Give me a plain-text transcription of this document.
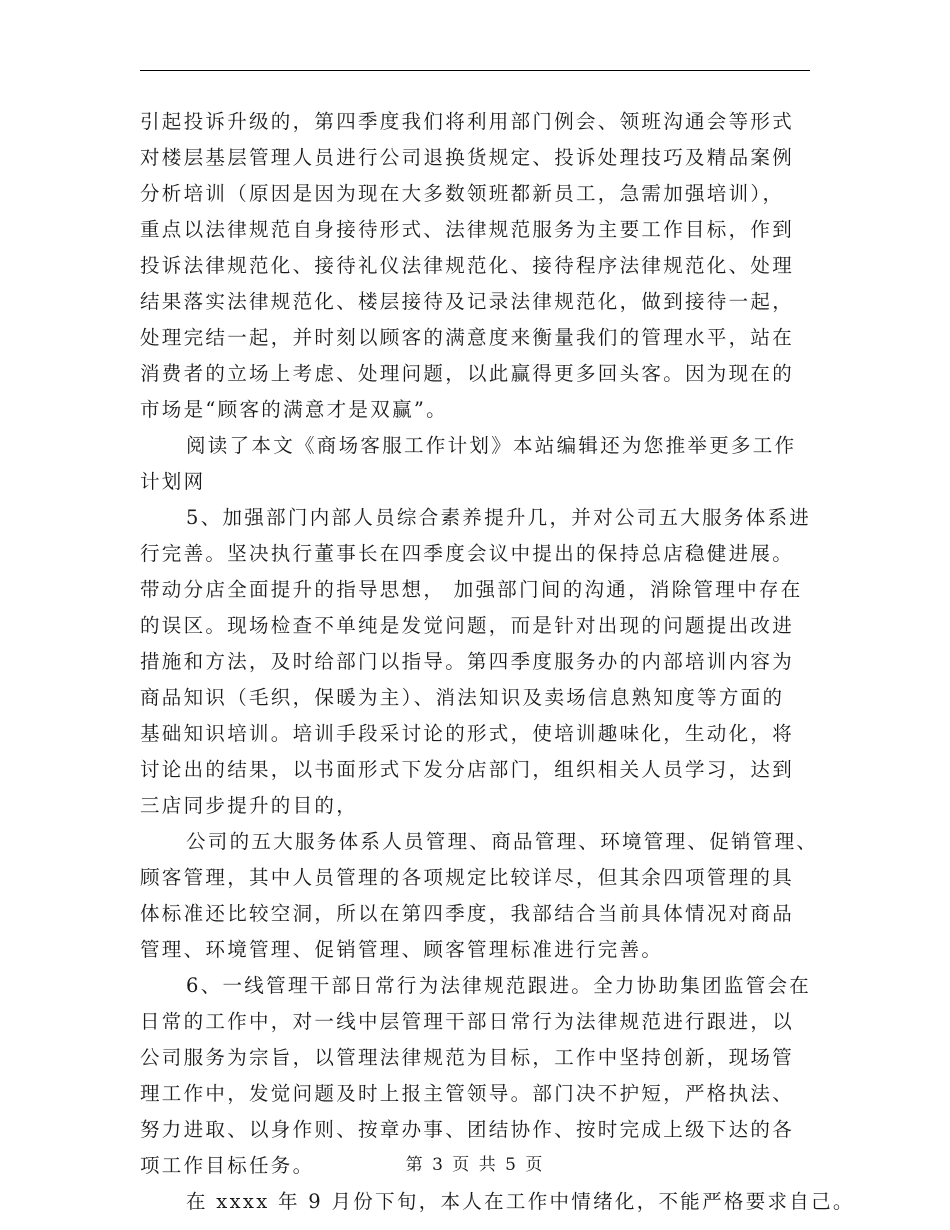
引起投诉升级的，第四季度我们将利用部门例会、领班沟通会等形式
对楼层基层管理人员进行公司退换货规定、投诉处理技巧及精品案例
分析培训（原因是因为现在大多数领班都新员工，急需加强培训），
重点以法律规范自身接待形式、法律规范服务为主要工作目标，作到
投诉法律规范化、接待礼仪法律规范化、接待程序法律规范化、处理
结果落实法律规范化、楼层接待及记录法律规范化，做到接待一起，
处理完结一起，并时刻以顾客的满意度来衡量我们的管理水平，站在
消费者的立场上考虑、处理问题，以此赢得更多回头客。因为现在的
市场是“顾客的满意才是双赢”。
阅读了本文《商场客服工作计划》本站编辑还为您推举更多工作
计划网
5、加强部门内部人员综合素养提升几，并对公司五大服务体系进
行完善。坚决执行董事长在四季度会议中提出的保持总店稳健进展。
带动分店全面提升的指导思想， 加强部门间的沟通，消除管理中存在
的误区。现场检查不单纯是发觉问题，而是针对出现的问题提出改进
措施和方法，及时给部门以指导。第四季度服务办的内部培训内容为
商品知识（毛织，保暖为主）、消法知识及卖场信息熟知度等方面的
基础知识培训。培训手段采讨论的形式，使培训趣味化，生动化，将
讨论出的结果，以书面形式下发分店部门，组织相关人员学习，达到
三店同步提升的目的，
公司的五大服务体系人员管理、商品管理、环境管理、促销管理、
顾客管理，其中人员管理的各项规定比较详尽，但其余四项管理的具
体标准还比较空洞，所以在第四季度，我部结合当前具体情况对商品
管理、环境管理、促销管理、顾客管理标准进行完善。
6、一线管理干部日常行为法律规范跟进。全力协助集团监管会在
日常的工作中，对一线中层管理干部日常行为法律规范进行跟进，以
公司服务为宗旨，以管理法律规范为目标，工作中坚持创新，现场管
理工作中，发觉问题及时上报主管领导。部门决不护短，严格执法、
努力进取、以身作则、按章办事、团结协作、按时完成上级下达的各
项工作目标任务。
在 xxxx 年 9 月份下旬，本人在工作中情绪化，不能严格要求自己。
第 3 页 共 5 页
